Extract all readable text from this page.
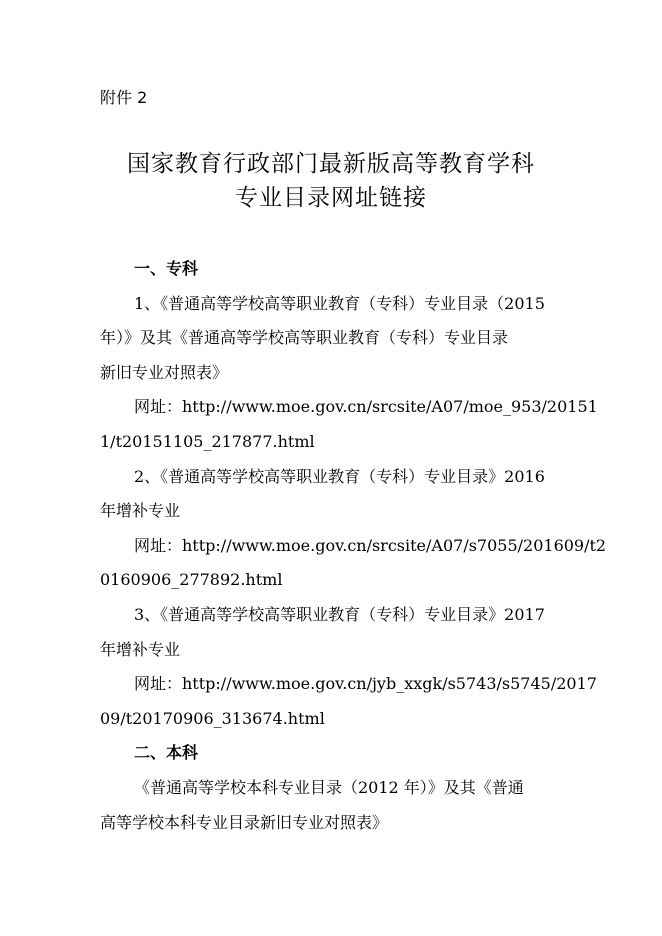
附件 2
国家教育行政部门最新版高等教育学科
专业目录网址链接
一、专科
1、《普通高等学校高等职业教育（专科）专业目录（2015
年）》及其《普通高等学校高等职业教育（专科）专业目录
新旧专业对照表》
网址：http://www.moe.gov.cn/srcsite/A07/moe_953/20151
1/t20151105_217877.html
2、《普通高等学校高等职业教育（专科）专业目录》2016
年增补专业
网址：http://www.moe.gov.cn/srcsite/A07/s7055/201609/t2
0160906_277892.html
3、《普通高等学校高等职业教育（专科）专业目录》2017
年增补专业
网址：http://www.moe.gov.cn/jyb_xxgk/s5743/s5745/2017
09/t20170906_313674.html
二、本科
《普通高等学校本科专业目录（2012 年）》及其《普通
高等学校本科专业目录新旧专业对照表》
